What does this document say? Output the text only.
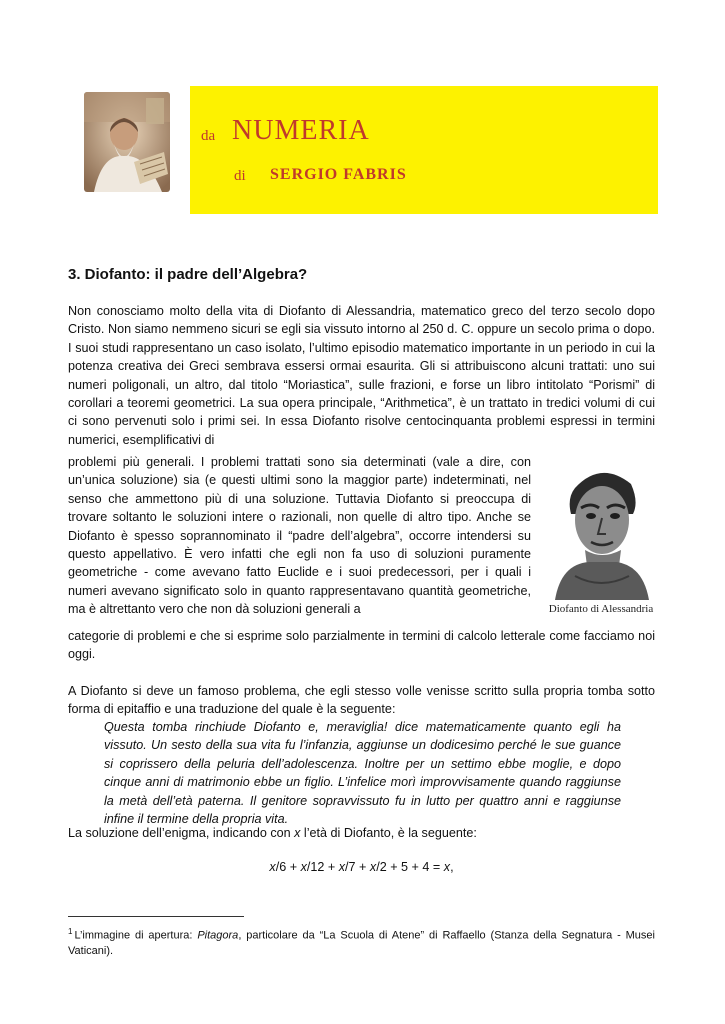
da NUMERIA
di SERGIO FABRIS
3. Diofanto: il padre dell’Algebra?
Non conosciamo molto della vita di Diofanto di Alessandria, matematico greco del terzo secolo dopo Cristo. Non siamo nemmeno sicuri se egli sia vissuto intorno al 250 d. C. oppure un secolo prima o dopo. I suoi studi rappresentano un caso isolato, l’ultimo episodio matematico importante in un periodo in cui la potenza creativa dei Greci sembrava essersi ormai esaurita. Gli si attribuiscono alcuni trattati: uno sui numeri poligonali, un altro, dal titolo “Moriastica”, sulle frazioni, e forse un libro intitolato “Porismi” di corollari a teoremi geometrici. La sua opera principale, “Arithmetica”, è un trattato in tredici volumi di cui ci sono pervenuti solo i primi sei. In essa Diofanto risolve centocinquanta problemi espressi in termini numerici, esemplificativi di
problemi più generali. I problemi trattati sono sia determinati (vale a dire, con un’unica soluzione) sia (e questi ultimi sono la maggior parte) indeterminati, nel senso che ammettono più di una soluzione. Tuttavia Diofanto si preoccupa di trovare soltanto le soluzioni intere o razionali, non quelle di altro tipo. Anche se Diofanto è spesso soprannominato il “padre dell’algebra”, occorre intendersi su questo appellativo. È vero infatti che egli non fa uso di soluzioni puramente geometriche - come avevano fatto Euclide e i suoi predecessori, per i quali i numeri avevano significato solo in quanto rappresentavano quantità geometriche, ma è altrettanto vero che non dà soluzioni generali a
categorie di problemi e che si esprime solo parzialmente in termini di calcolo letterale come facciamo noi oggi.
A Diofanto si deve un famoso problema, che egli stesso volle venisse scritto sulla propria tomba sotto forma di epitaffio e una traduzione del quale è la seguente:
Questa tomba rinchiude Diofanto e, meraviglia! dice matematicamente quanto egli ha vissuto. Un sesto della sua vita fu l’infanzia, aggiunse un dodicesimo perché le sue guance si coprissero della peluria dell’adolescenza. Inoltre per un settimo ebbe moglie, e dopo cinque anni di matrimonio ebbe un figlio. L’infelice morì improvvisamente quando raggiunse la metà dell’età paterna. Il genitore sopravvissuto fu in lutto per quattro anni e raggiunse infine il termine della propria vita.
La soluzione dell’enigma, indicando con x l’età di Diofanto, è la seguente:
x/6 + x/12 + x/7 + x/2 + 5 + 4 = x,
Diofanto di Alessandria
$^1$ L’immagine di apertura: Pitagora, particolare da “La Scuola di Atene” di Raffaello (Stanza della Segnatura - Musei Vaticani).
